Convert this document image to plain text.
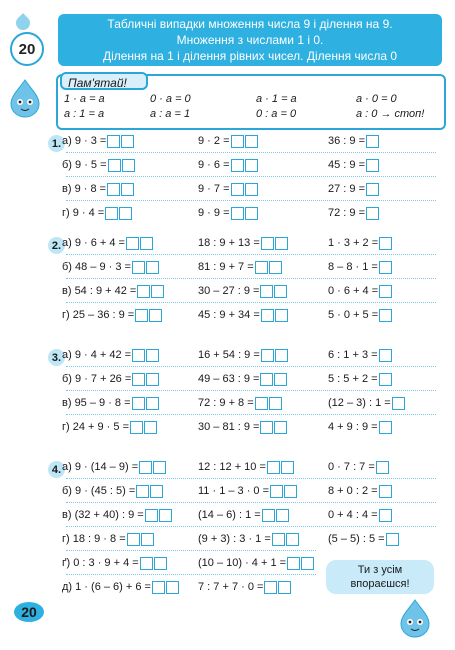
20
Табличні випадки множення числа 9 і ділення на 9.
Множення з числами 1 і 0.
Ділення на 1 і ділення рівних чисел. Ділення числа 0
Пам'ятай!
1 · a = a	0 · a = 0	a · 1 = a	a · 0 = 0
a : 1 = a	a : a = 1	0 : a = 0	a : 0 → стоп!
1. а) 9 · 3 =	9 · 2 =	36 : 9 =
б) 9 · 5 =	9 · 6 =	45 : 9 =
в) 9 · 8 =	9 · 7 =	27 : 9 =
г) 9 · 4 =	9 · 9 =	72 : 9 =
2. а) 9 · 6 + 4 =	18 : 9 + 13 =	1 · 3 + 2 =
б) 48 – 9 · 3 =	81 : 9 + 7 =	8 – 8 · 1 =
в) 54 : 9 + 42 =	30 – 27 : 9 =	0 · 6 + 4 =
г) 25 – 36 : 9 =	45 : 9 + 34 =	5 · 0 + 5 =
3. а) 9 · 4 + 42 =	16 + 54 : 9 =	6 : 1 + 3 =
б) 9 · 7 + 26 =	49 – 63 : 9 =	5 : 5 + 2 =
в) 95 – 9 · 8 =	72 : 9 + 8 =	(12 – 3) : 1 =
г) 24 + 9 · 5 =	30 – 81 : 9 =	4 + 9 : 9 =
4. а) 9 · (14 – 9) =	12 : 12 + 10 =	0 · 7 : 7 =
б) 9 · (45 : 5) =	11 · 1 – 3 · 0 =	8 + 0 : 2 =
в) (32 + 40) : 9 =	(14 – 6) : 1 =	0 + 4 : 4 =
г) 18 : 9 · 8 =	(9 + 3) : 3 · 1 =	(5 – 5) : 5 =
ґ) 0 : 3 · 9 + 4 =	(10 – 10) · 4 + 1 =
д) 1 · (6 – 6) + 6 =	7 : 7 + 7 · 0 =
Ти з усім
впораєшся!
20
